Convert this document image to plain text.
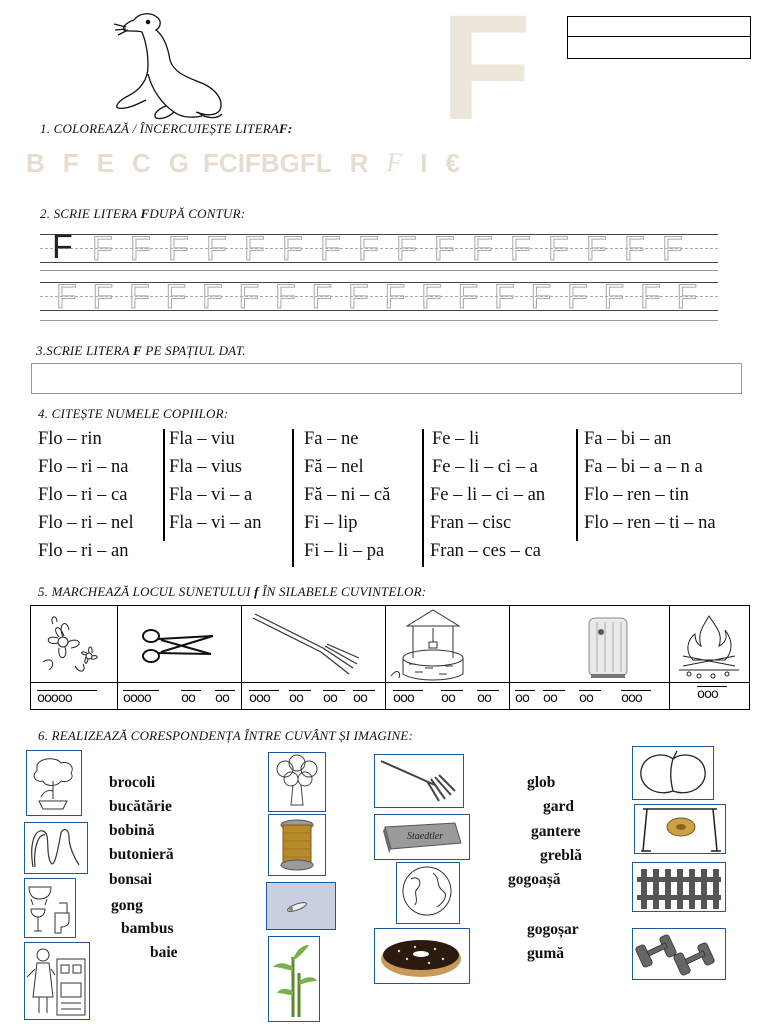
F
1. COLOREAZĂ / ÎNCERCUIEȘTE LITERAF:
B F E C G FC IF B G FL R F I €
2. SCRIE LITERA FDUPĂ CONTUR:
F F F F F F F F F F F F F F F F F
F F F F F F F F F F F F F F F F F F
3.SCRIE LITERA F PE SPAȚIUL DAT.
4. CITEȘTE NUMELE COPIILOR:
Flo – rin
Flo – ri – na
Flo – ri – ca
Flo – ri – nel
Flo – ri – an
Fla – viu
Fla – vius
Fla – vi – a
Fla – vi – an
Fa – ne
Fă – nel
Fă – ni – că
Fi – lip
Fi – li – pa
Fe – li
Fe – li – ci – a
Fe – li – ci – an
Fran – cisc
Fran – ces – ca
Fa – bi – an
Fa – bi – a – n a
Flo – ren – tin
Flo – ren – ti – na
5. MARCHEAZĂ LOCUL SUNETULUI f ÎN SILABELE CUVINTELOR:
ooooo	oooo	oo	oo	ooo	oo	oo	oo	ooo	oo	oo	oo	oo	oo	ooo	ooo
6. REALIZEAZĂ CORESPONDENȚA ÎNTRE CUVÂNT ȘI IMAGINE:
brocoli
bucătărie
bobină
butonieră
bonsai
gong
bambus
baie
Staedtler
glob
gard
gantere
greblă
gogoașă
gogoșar
gumă
